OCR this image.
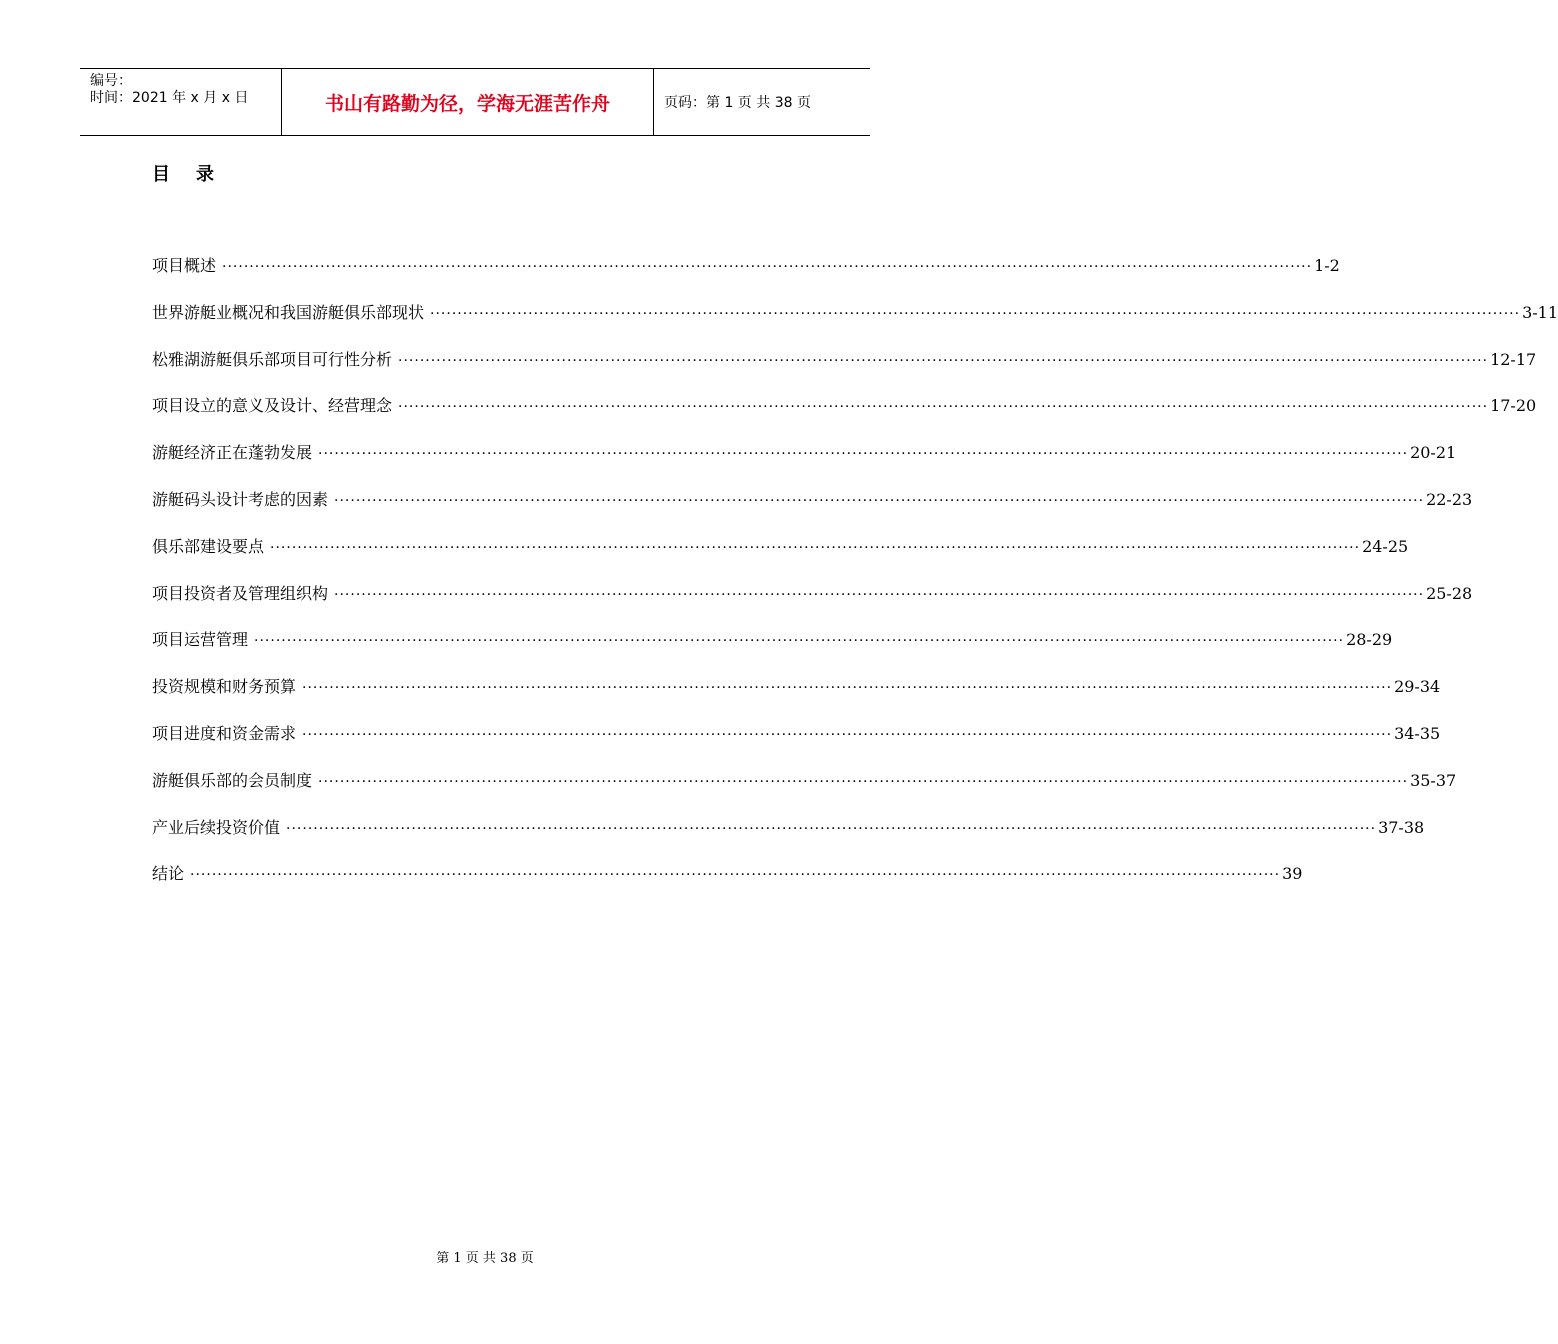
编号：
时间：2021 年 x 月 x 日	书山有路勤为径，学海无涯苦作舟	页码：第 1 页 共 38 页
目录
项目概述 ········································································································································································································ 1-2
世界游艇业概况和我国游艇俱乐部现状 ········································································································································································································ 3-11
松雅湖游艇俱乐部项目可行性分析 ········································································································································································································ 12-17
项目设立的意义及设计、经营理念 ········································································································································································································ 17-20
游艇经济正在蓬勃发展 ········································································································································································································ 20-21
游艇码头设计考虑的因素 ········································································································································································································ 22-23
俱乐部建设要点 ········································································································································································································ 24-25
项目投资者及管理组织构 ········································································································································································································ 25-28
项目运营管理 ········································································································································································································ 28-29
投资规模和财务预算 ········································································································································································································ 29-34
项目进度和资金需求 ········································································································································································································ 34-35
游艇俱乐部的会员制度 ········································································································································································································ 35-37
产业后续投资价值 ········································································································································································································ 37-38
结论 ········································································································································································································ 39
第 1 页 共 38 页
